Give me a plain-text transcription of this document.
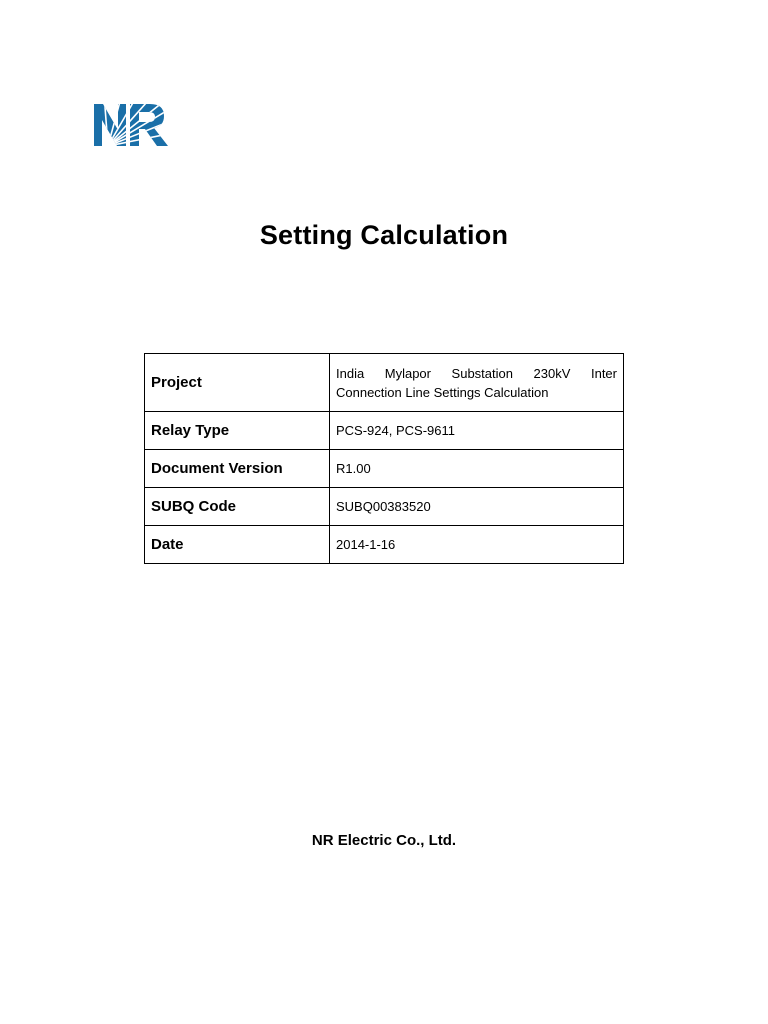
Setting Calculation
Project	India Mylapor Substation 230kV Inter Connection Line Settings Calculation
Relay Type	PCS-924, PCS-9611
Document Version	R1.00
SUBQ Code	SUBQ00383520
Date	2014-1-16
NR Electric Co., Ltd.
